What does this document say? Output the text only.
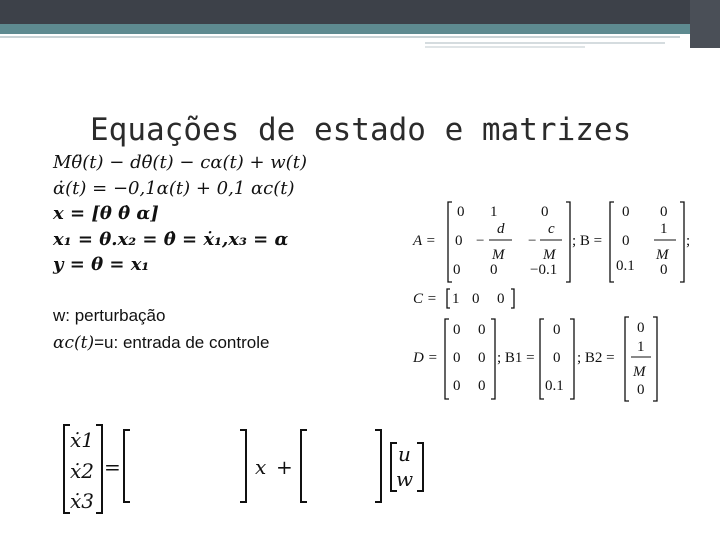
Equações de estado e matrizes
Mθ̈(t) − dθ̇(t) − cα(t) + w(t)
α̇(t) = −0,1α(t) + 0,1 αc(t)
x = [θ θ̇ α]
x₁ = θ.x₂ = θ̇ = ẋ₁,x₃ = α
y = θ = x₁
w: perturbação
αc(t)=u: entrada de controle
A =
0 1	0
0 −
d
M
−
c
M
0 0 −0.1
; B =
0 0
0
1
M
0.1 0
;
C = 1 0 0
D =
0 0
0 0
0 0
; B1 =
0
0
0.1
; B2 =
0
1
M
0
ẋ1
ẋ2
ẋ3
=	x +
u
w
